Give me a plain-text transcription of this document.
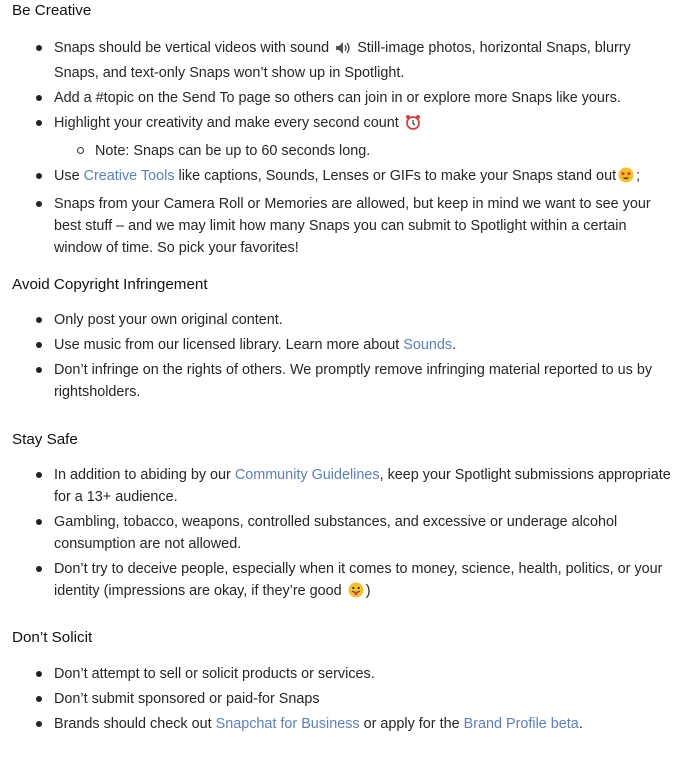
Be Creative
Snaps should be vertical videos with sound Still-image photos, horizontal Snaps, blurry Snaps, and text-only Snaps won’t show up in Spotlight.
Add a #topic on the Send To page so others can join in or explore more Snaps like yours.
Highlight your creativity and make every second count
Note: Snaps can be up to 60 seconds long.
Use Creative Tools like captions, Sounds, Lenses or GIFs to make your Snaps stand out ;
Snaps from your Camera Roll or Memories are allowed, but keep in mind we want to see your best stuff – and we may limit how many Snaps you can submit to Spotlight within a certain window of time. So pick your favorites!
Avoid Copyright Infringement
Only post your own original content.
Use music from our licensed library. Learn more about Sounds.
Don’t infringe on the rights of others. We promptly remove infringing material reported to us by rightsholders.
Stay Safe
In addition to abiding by our Community Guidelines, keep your Spotlight submissions appropriate for a 13+ audience.
Gambling, tobacco, weapons, controlled substances, and excessive or underage alcohol consumption are not allowed.
Don’t try to deceive people, especially when it comes to money, science, health, politics, or your identity (impressions are okay, if they’re good )
Don’t Solicit
Don’t attempt to sell or solicit products or services.
Don’t submit sponsored or paid-for Snaps
Brands should check out Snapchat for Business or apply for the Brand Profile beta.
